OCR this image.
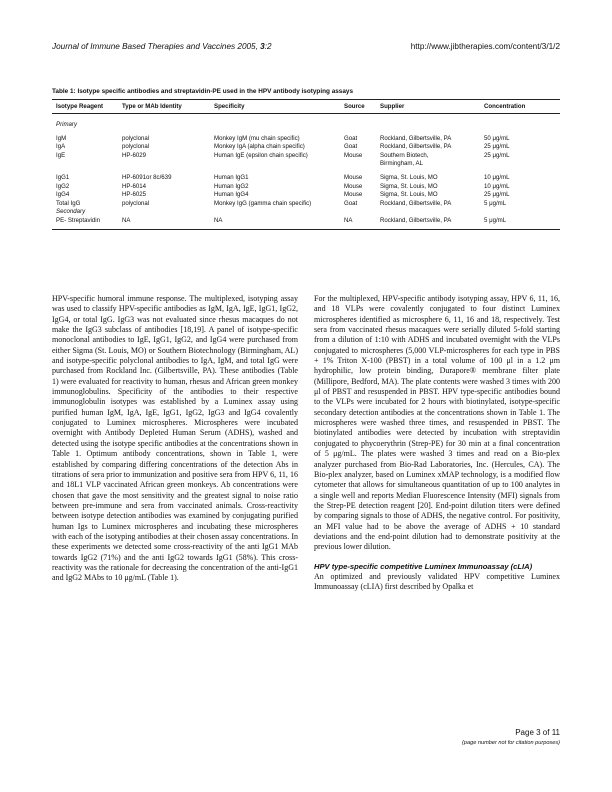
Journal of Immune Based Therapies and Vaccines 2005, 3:2	http://www.jibtherapies.com/content/3/1/2
Table 1: Isotype specific antibodies and streptavidin-PE used in the HPV antibody isotyping assays
Isotype Reagent	Type or MAb Identity	Specificity	Source	Supplier	Concentration
Primary					
IgM	polyclonal	Monkey IgM (mu chain specific)	Goat	Rockland, Gilbertsville, PA	50 μg/mL
IgA	polyclonal	Monkey IgA (alpha chain specific)	Goat	Rockland, Gilbertsville, PA	25 μg/mL
IgE	HP-6029	Human IgE (epsilon chain specific)	Mouse	Southern Biotech,	25 μg/mL
				Birmingham, AL	
IgG1	HP-6091or 8c/639	Human IgG1	Mouse	Sigma, St. Louis, MO	10 μg/mL
IgG2	HP-6014	Human IgG2	Mouse	Sigma, St. Louis, MO	10 μg/mL
IgG4	HP-6025	Human IgG4	Mouse	Sigma, St. Louis, MO	25 μg/mL
Total IgG	polyclonal	Monkey IgG (gamma chain specific)	Goat	Rockland, Gilbertsville, PA	5 μg/mL
Secondary					
PE- Streptavidin	NA	NA	NA	Rockland, Gilbertsville, PA	5 μg/mL

HPV-specific humoral immune response. The multiplexed, isotyping assay was used to classify HPV-specific antibodies as IgM, IgA, IgE, IgG1, IgG2, IgG4, or total IgG. IgG3 was not evaluated since rhesus macaques do not make the IgG3 subclass of antibodies [18,19]. A panel of isotype-specific monoclonal antibodies to IgE, IgG1, IgG2, and IgG4 were purchased from either Sigma (St. Louis, MO) or Southern Biotechnology (Birmingham, AL) and isotype-specific polyclonal antibodies to IgA, IgM, and total IgG were purchased from Rockland Inc. (Gilbertsville, PA). These antibodies (Table 1) were evaluated for reactivity to human, rhesus and African green monkey immunoglobulins. Specificity of the antibodies to their respective immunoglobulin isotypes was established by a Luminex assay using purified human IgM, IgA, IgE, IgG1, IgG2, IgG3 and IgG4 covalently conjugated to Luminex microspheres. Microspheres were incubated overnight with Antibody Depleted Human Serum (ADHS), washed and detected using the isotype specific antibodies at the concentrations shown in Table 1. Optimum antibody concentrations, shown in Table 1, were established by comparing differing concentrations of the detection Abs in titrations of sera prior to immunization and positive sera from HPV 6, 11, 16 and 18L1 VLP vaccinated African green monkeys. Ab concentrations were chosen that gave the most sensitivity and the greatest signal to noise ratio between pre-immune and sera from vaccinated animals. Cross-reactivity between isotype detection antibodies was examined by conjugating purified human Igs to Luminex microspheres and incubating these microspheres with each of the isotyping antibodies at their chosen assay concentrations. In these experiments we detected some cross-reactivity of the anti IgG1 MAb towards IgG2 (71%) and the anti IgG2 towards IgG1 (58%). This cross-reactivity was the rationale for decreasing the concentration of the anti-IgG1 and IgG2 MAbs to 10 μg/mL (Table 1).

For the multiplexed, HPV-specific antibody isotyping assay, HPV 6, 11, 16, and 18 VLPs were covalently conjugated to four distinct Luminex microspheres identified as microsphere 6, 11, 16 and 18, respectively. Test sera from vaccinated rhesus macaques were serially diluted 5-fold starting from a dilution of 1:10 with ADHS and incubated overnight with the VLPs conjugated to microspheres (5,000 VLP-microspheres for each type in PBS + 1% Triton X-100 (PBST) in a total volume of 100 μl in a 1.2 μm hydrophilic, low protein binding, Durapore® membrane filter plate (Millipore, Bedford, MA). The plate contents were washed 3 times with 200 μl of PBST and resuspended in PBST. HPV type-specific antibodies bound to the VLPs were incubated for 2 hours with biotinylated, isotype-specific secondary detection antibodies at the concentrations shown in Table 1. The microspheres were washed three times, and resuspended in PBST. The biotinylated antibodies were detected by incubation with streptavidin conjugated to phycoerythrin (Strep-PE) for 30 min at a final concentration of 5 μg/mL. The plates were washed 3 times and read on a Bio-plex analyzer purchased from Bio-Rad Laboratories, Inc. (Hercules, CA). The Bio-plex analyzer, based on Luminex xMAP technology, is a modified flow cytometer that allows for simultaneous quantitation of up to 100 analytes in a single well and reports Median Fluorescence Intensity (MFI) signals from the Strep-PE detection reagent [20]. End-point dilution titers were defined by comparing signals to those of ADHS, the negative control. For positivity, an MFI value had to be above the average of ADHS + 10 standard deviations and the end-point dilution had to demonstrate positivity at the previous lower dilution.

HPV type-specific competitive Luminex Immunoassay (cLIA)

An optimized and previously validated HPV competitive Luminex Immunoassay (cLIA) first described by Opalka et

Page 3 of 11
(page number not for citation purposes)
